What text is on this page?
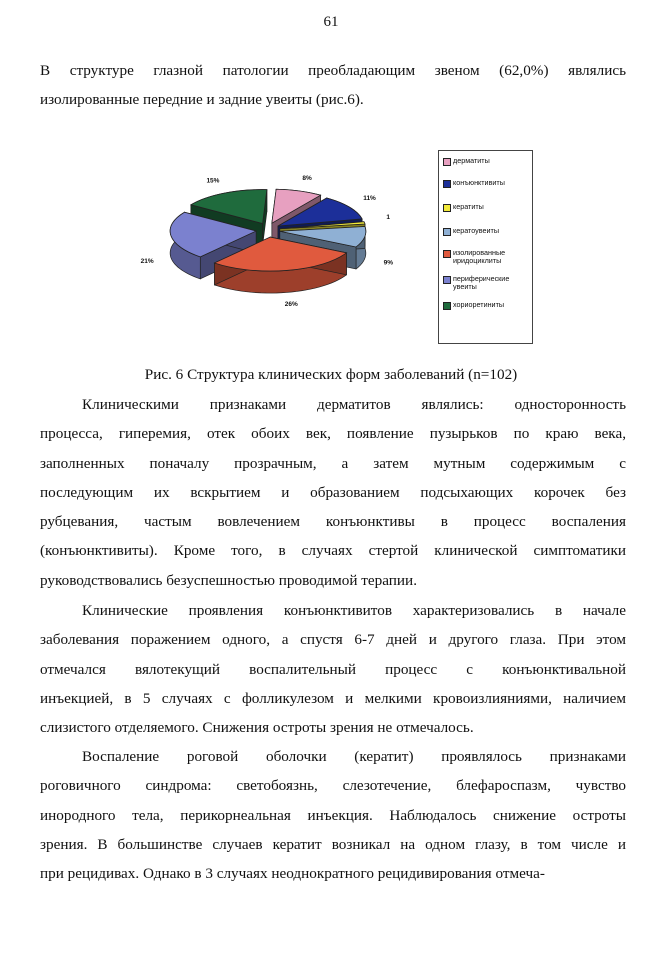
61
В структуре глазной патологии преобладающим звеном (62,0%) являлись
изолированные передние и задние увеиты (рис.6).
8%
11%
1
9%
26%
21%
15%
дерматиты
конъюнктивиты
кератиты
кератоувеиты
изолированные иридоциклиты
периферические увеиты
хориоретиниты
Рис. 6 Структура клинических форм заболеваний (n=102)
Клиническими признаками дерматитов являлись: односторонность
процесса, гиперемия, отек обоих век, появление пузырьков по краю века,
заполненных поначалу прозрачным, а затем мутным содержимым с
последующим их вскрытием и образованием подсыхающих корочек без
рубцевания, частым вовлечением конъюнктивы в процесс воспаления
(конъюнктивиты). Кроме того, в случаях стертой клинической симптоматики
руководствовались безуспешностью проводимой терапии.
Клинические проявления конъюнктивитов характеризовались в начале
заболевания поражением одного, а спустя 6-7 дней и другого глаза. При этом
отмечался вялотекущий воспалительный процесс с конъюнктивальной
инъекцией, в 5 случаях с фолликулезом и мелкими кровоизлияниями, наличием
слизистого отделяемого. Снижения остроты зрения не отмечалось.
Воспаление роговой оболочки (кератит) проявлялось признаками
роговичного синдрома: светобоязнь, слезотечение, блефароспазм, чувство
инородного тела, перикорнеальная инъекция. Наблюдалось снижение остроты
зрения. В большинстве случаев кератит возникал на одном глазу, в том числе и
при рецидивах. Однако в 3 случаях неоднократного рецидивирования отмеча-
